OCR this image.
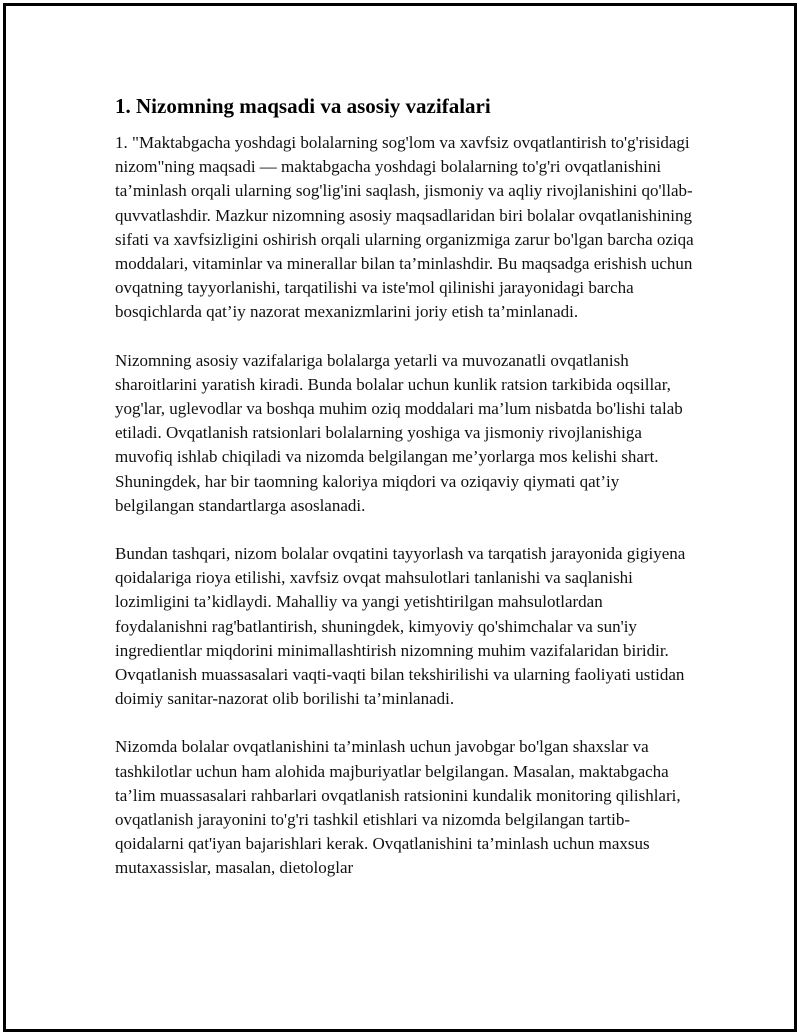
1. Nizomning maqsadi va asosiy vazifalari

1. "Maktabgacha yoshdagi bolalarning sog'lom va xavfsiz ovqatlantirish to'g'risidagi nizom"ning maqsadi — maktabgacha yoshdagi bolalarning to'g'ri ovqatlanishini ta’minlash orqali ularning sog'lig'ini saqlash, jismoniy va aqliy rivojlanishini qo'llab-quvvatlashdir. Mazkur nizomning asosiy maqsadlaridan biri bolalar ovqatlanishining sifati va xavfsizligini oshirish orqali ularning organizmiga zarur bo'lgan barcha oziqa moddalari, vitaminlar va minerallar bilan ta’minlashdir. Bu maqsadga erishish uchun ovqatning tayyorlanishi, tarqatilishi va iste'mol qilinishi jarayonidagi barcha bosqichlarda qat’iy nazorat mexanizmlarini joriy etish ta’minlanadi.

Nizomning asosiy vazifalariga bolalarga yetarli va muvozanatli ovqatlanish sharoitlarini yaratish kiradi. Bunda bolalar uchun kunlik ratsion tarkibida oqsillar, yog'lar, uglevodlar va boshqa muhim oziq moddalari ma’lum nisbatda bo'lishi talab etiladi. Ovqatlanish ratsionlari bolalarning yoshiga va jismoniy rivojlanishiga muvofiq ishlab chiqiladi va nizomda belgilangan me’yorlarga mos kelishi shart. Shuningdek, har bir taomning kaloriya miqdori va oziqaviy qiymati qat’iy belgilangan standartlarga asoslanadi.

Bundan tashqari, nizom bolalar ovqatini tayyorlash va tarqatish jarayonida gigiyena qoidalariga rioya etilishi, xavfsiz ovqat mahsulotlari tanlanishi va saqlanishi lozimligini ta’kidlaydi. Mahalliy va yangi yetishtirilgan mahsulotlardan foydalanishni rag'batlantirish, shuningdek, kimyoviy qo'shimchalar va sun'iy ingredientlar miqdorini minimallashtirish nizomning muhim vazifalaridan biridir. Ovqatlanish muassasalari vaqti-vaqti bilan tekshirilishi va ularning faoliyati ustidan doimiy sanitar-nazorat olib borilishi ta’minlanadi.

Nizomda bolalar ovqatlanishini ta’minlash uchun javobgar bo'lgan shaxslar va tashkilotlar uchun ham alohida majburiyatlar belgilangan. Masalan, maktabgacha ta’lim muassasalari rahbarlari ovqatlanish ratsionini kundalik monitoring qilishlari, ovqatlanish jarayonini to'g'ri tashkil etishlari va nizomda belgilangan tartib-qoidalarni qat'iyan bajarishlari kerak. Ovqatlanishini ta’minlash uchun maxsus mutaxassislar, masalan, dietologlar
